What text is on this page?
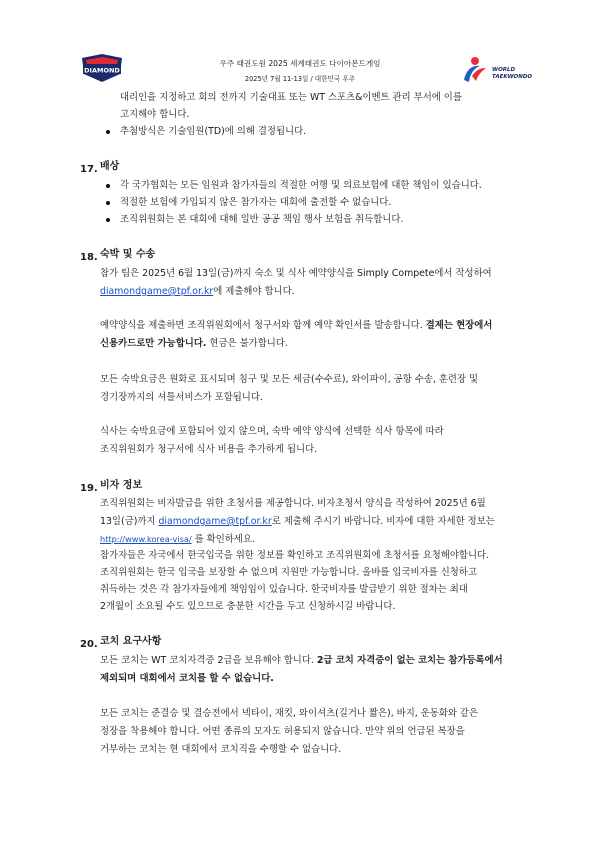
DIAMOND
우주 태권도원 2025 세계태권도 다이아몬드게임
2025년 7월 11-13일 / 대한민국 우주
WORLD
TAEKWONDO
대리인을 지정하고 회의 전까지 기술대표 또는 WT 스포츠&이벤트 관리 부서에 이를
고지해야 합니다.
추첨방식은 기술임원(TD)에 의해 결정됩니다.
17. 배상
각 국가협회는 모든 임원과 참가자들의 적절한 여행 및 의료보험에 대한 책임이 있습니다.
적절한 보험에 가입되지 않은 참가자는 대회에 출전할 수 없습니다.
조직위원회는 본 대회에 대해 일반 공공 책임 행사 보험을 취득합니다.
18. 숙박 및 수송
참가 팀은 2025년 6월 13일(금)까지 숙소 및 식사 예약양식을 Simply Compete에서 작성하여
diamondgame@tpf.or.kr에 제출해야 합니다.
예약양식을 제출하면 조직위원회에서 청구서와 함께 예약 확인서를 발송합니다. 결제는 현장에서
신용카드로만 가능합니다. 현금은 불가합니다.
모든 숙박요금은 원화로 표시되며 침구 및 모든 세금(수수료), 와이파이, 공항 수송, 훈련장 및
경기장까지의 셔틀서비스가 포함됩니다.
식사는 숙박요금에 포함되어 있지 않으며, 숙박 예약 양식에 선택한 식사 항목에 따라
조직위원회가 청구서에 식사 비용을 추가하게 됩니다.
19. 비자 정보
조직위원회는 비자발급을 위한 초청서를 제공합니다. 비자초청서 양식을 작성하여 2025년 6월
13일(금)까지 diamondgame@tpf.or.kr로 제출해 주시기 바랍니다. 비자에 대한 자세한 정보는
http://www.korea-visa/ 를 확인하세요.
참가자들은 자국에서 한국입국을 위한 정보를 확인하고 조직위원회에 초청서를 요청해야합니다.
조직위원회는 한국 입국을 보장할 수 없으며 지원만 가능합니다. 올바를 입국비자를 신청하고
취득하는 것은 각 참가자들에게 책임임이 있습니다. 한국비자를 발급받기 위한 절차는 최대
2개월이 소요될 수도 있으므로 충분한 시간을 두고 신청하시길 바랍니다.
20. 코치 요구사항
모든 코치는 WT 코치자격증 2급을 보유해야 합니다. 2급 코치 자격증이 없는 코치는 참가등록에서
제외되며 대회에서 코치를 할 수 없습니다.
모든 코치는 준결승 및 결승전에서 넥타이, 재킷, 와이셔츠(길거나 짧은), 바지, 운동화와 같은
정장을 착용해야 합니다. 어떤 종류의 모자도 허용되지 않습니다. 만약 위의 언급된 복장을
거부하는 코치는 현 대회에서 코치직을 수행할 수 없습니다.
